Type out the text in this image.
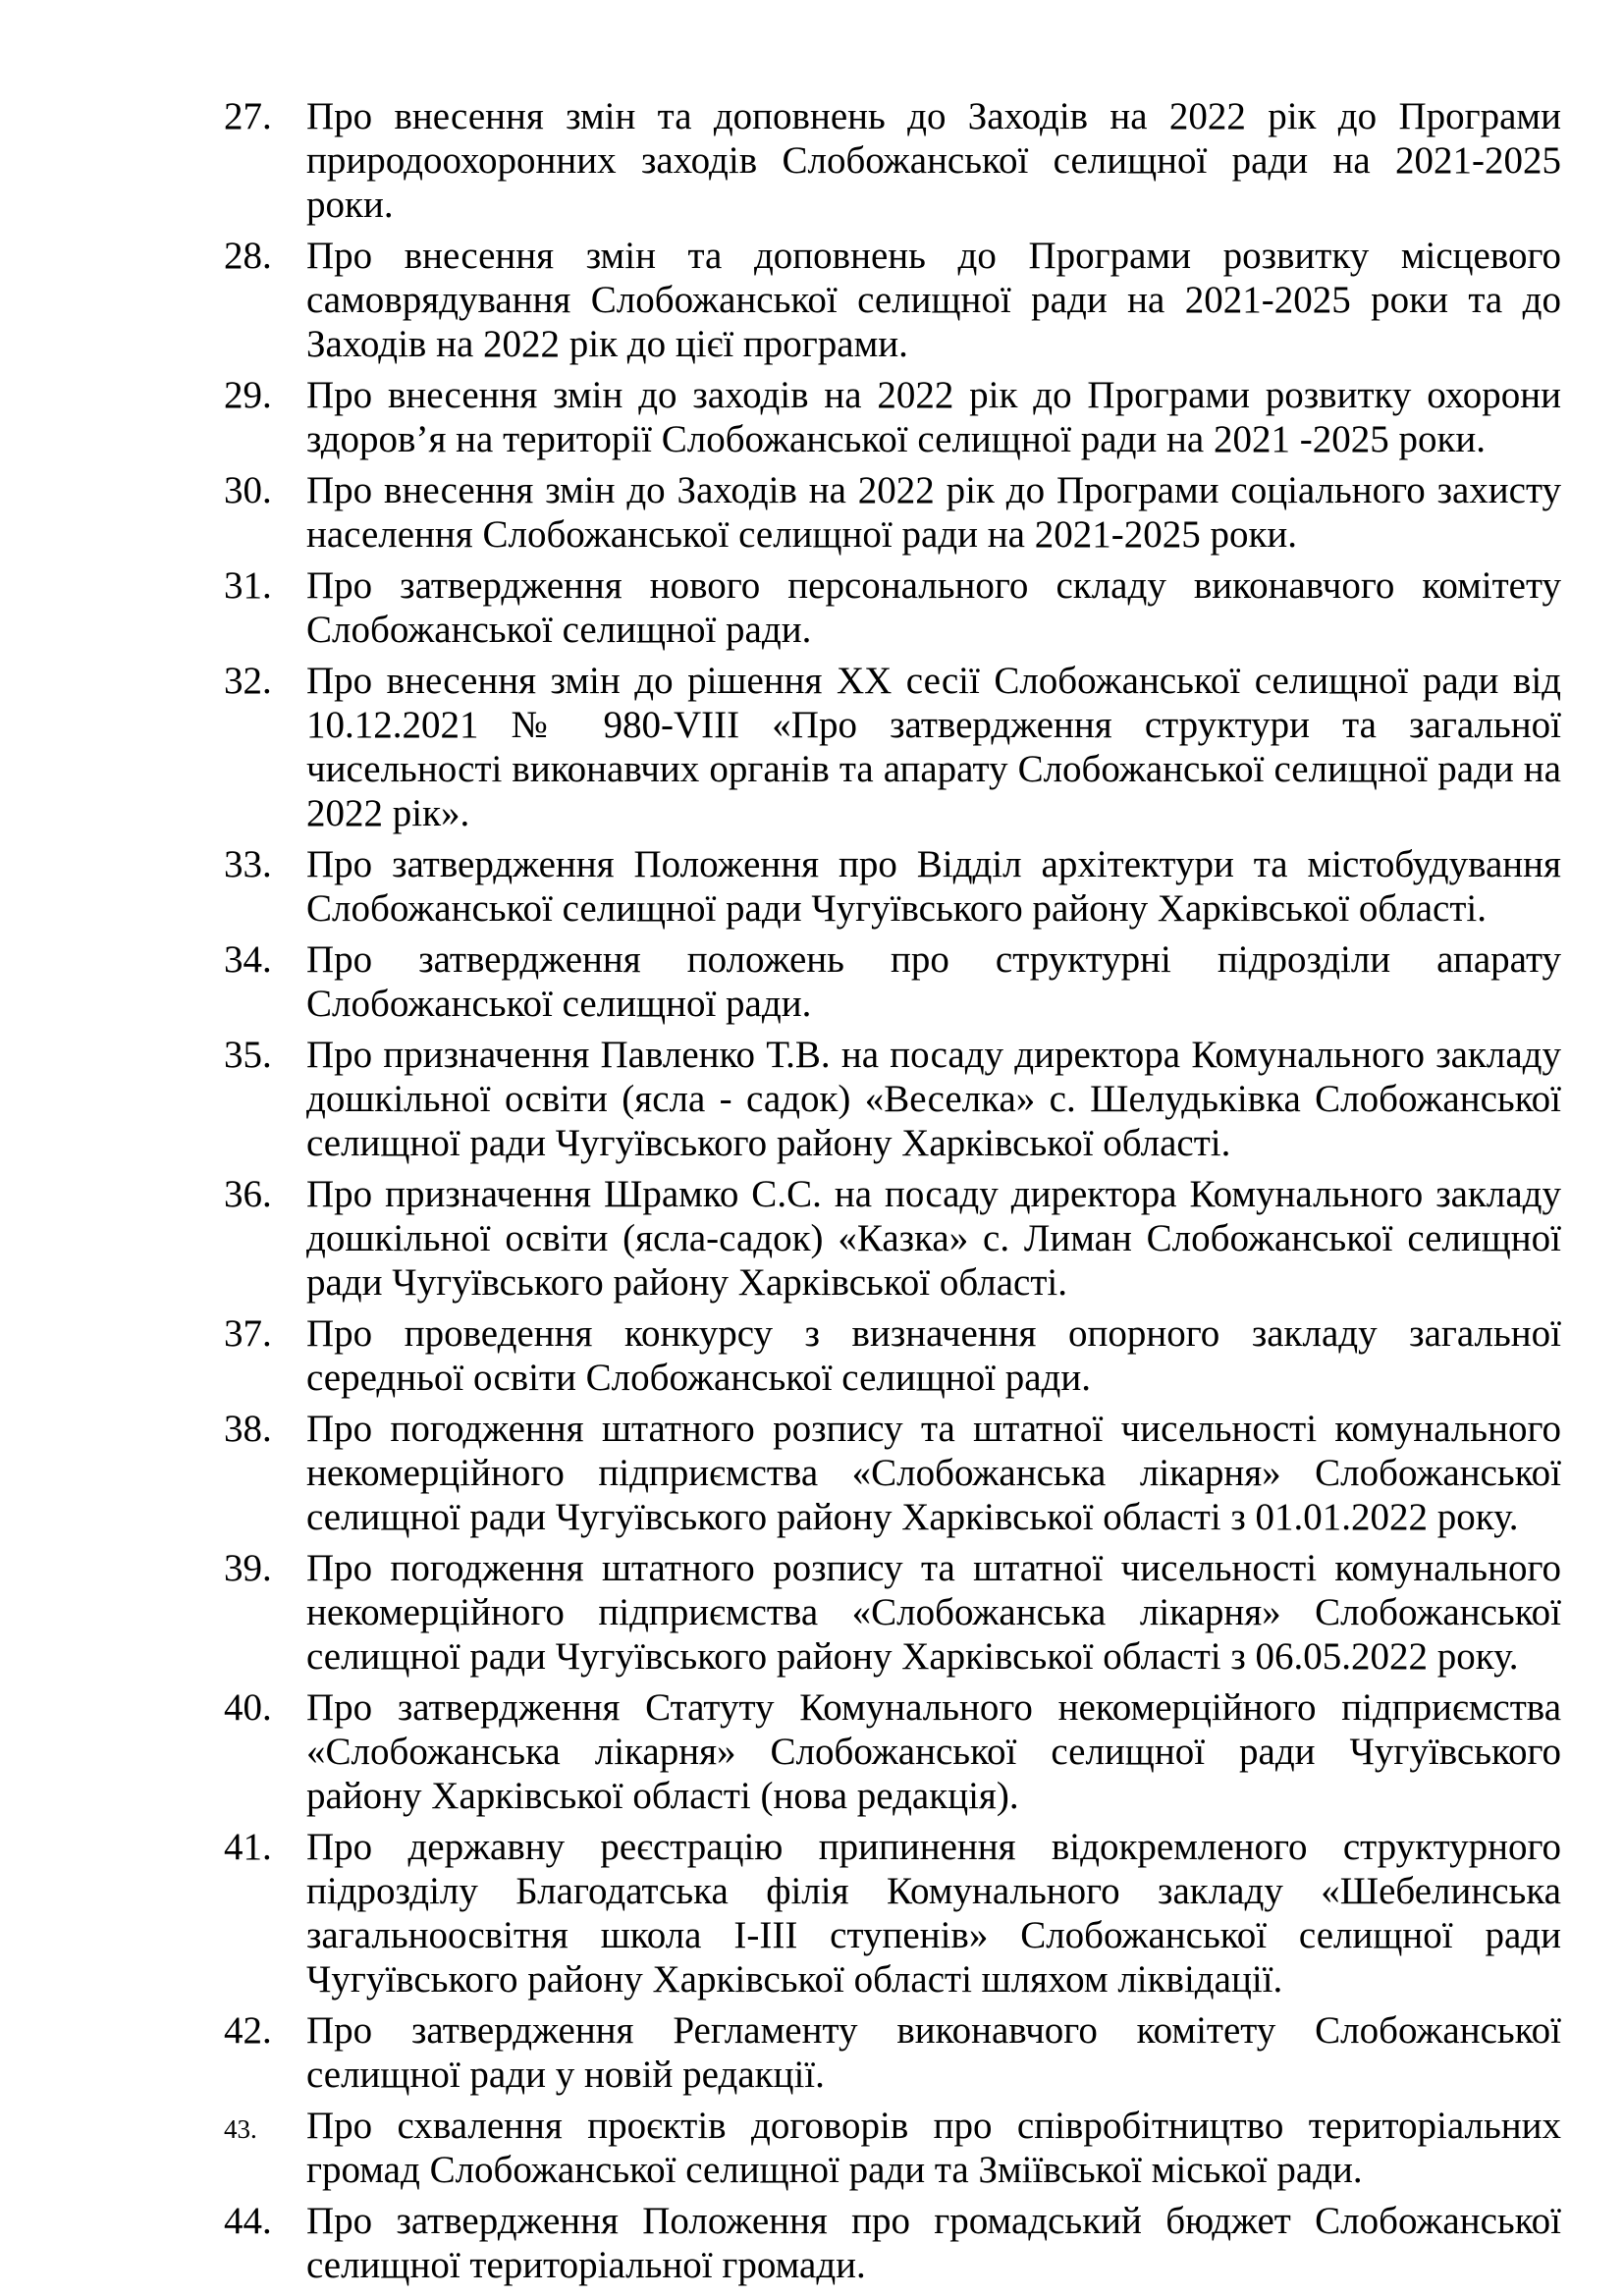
27. Про внесення змін та доповнень до Заходів на 2022 рік до Програми природоохоронних заходів Слобожанської селищної ради на 2021-2025 роки.
28. Про внесення змін та доповнень до Програми розвитку місцевого самоврядування Слобожанської селищної ради на 2021-2025 роки та до Заходів на 2022 рік до цієї програми.
29. Про внесення змін до заходів на 2022 рік до Програми розвитку охорони здоров’я на території Слобожанської селищної ради на 2021 -2025 роки.
30. Про внесення змін до Заходів на 2022 рік до Програми соціального захисту населення Слобожанської селищної ради на 2021-2025 роки.
31. Про затвердження нового персонального складу виконавчого комітету Слобожанської селищної ради.
32. Про внесення змін до рішення ХХ сесії Слобожанської селищної ради від 10.12.2021 № 980-VIII «Про затвердження структури та загальної чисельності виконавчих органів та апарату Слобожанської селищної ради на 2022 рік».
33. Про затвердження Положення про Відділ архітектури та містобудування Слобожанської селищної ради Чугуївського району Харківської області.
34. Про затвердження положень про структурні підрозділи апарату Слобожанської селищної ради.
35. Про призначення Павленко Т.В. на посаду директора Комунального закладу дошкільної освіти (ясла - садок) «Веселка» с. Шелудьківка Слобожанської селищної ради Чугуївського району Харківської області.
36. Про призначення Шрамко С.С. на посаду директора Комунального закладу дошкільної освіти (ясла-садок) «Казка» с. Лиман Слобожанської селищної ради Чугуївського району Харківської області.
37. Про проведення конкурсу з визначення опорного закладу загальної середньої освіти Слобожанської селищної ради.
38. Про погодження штатного розпису та штатної чисельності комунального некомерційного підприємства «Слобожанська лікарня» Слобожанської селищної ради Чугуївського району Харківської області з 01.01.2022 року.
39. Про погодження штатного розпису та штатної чисельності комунального некомерційного підприємства «Слобожанська лікарня» Слобожанської селищної ради Чугуївського району Харківської області з 06.05.2022 року.
40. Про затвердження Статуту Комунального некомерційного підприємства «Слобожанська лікарня» Слобожанської селищної ради Чугуївського району Харківської області (нова редакція).
41. Про державну реєстрацію припинення відокремленого структурного підрозділу Благодатська філія Комунального закладу «Шебелинська загальноосвітня школа І-ІІІ ступенів» Слобожанської селищної ради Чугуївського району Харківської області шляхом ліквідації.
42. Про затвердження Регламенту виконавчого комітету Слобожанської селищної ради у новій редакції.
43.	Про схвалення проєктів договорів про співробітництво територіальних громад Слобожанської селищної ради та Зміївської міської ради.
44. Про затвердження Положення про громадський бюджет Слобожанської селищної територіальної громади.
